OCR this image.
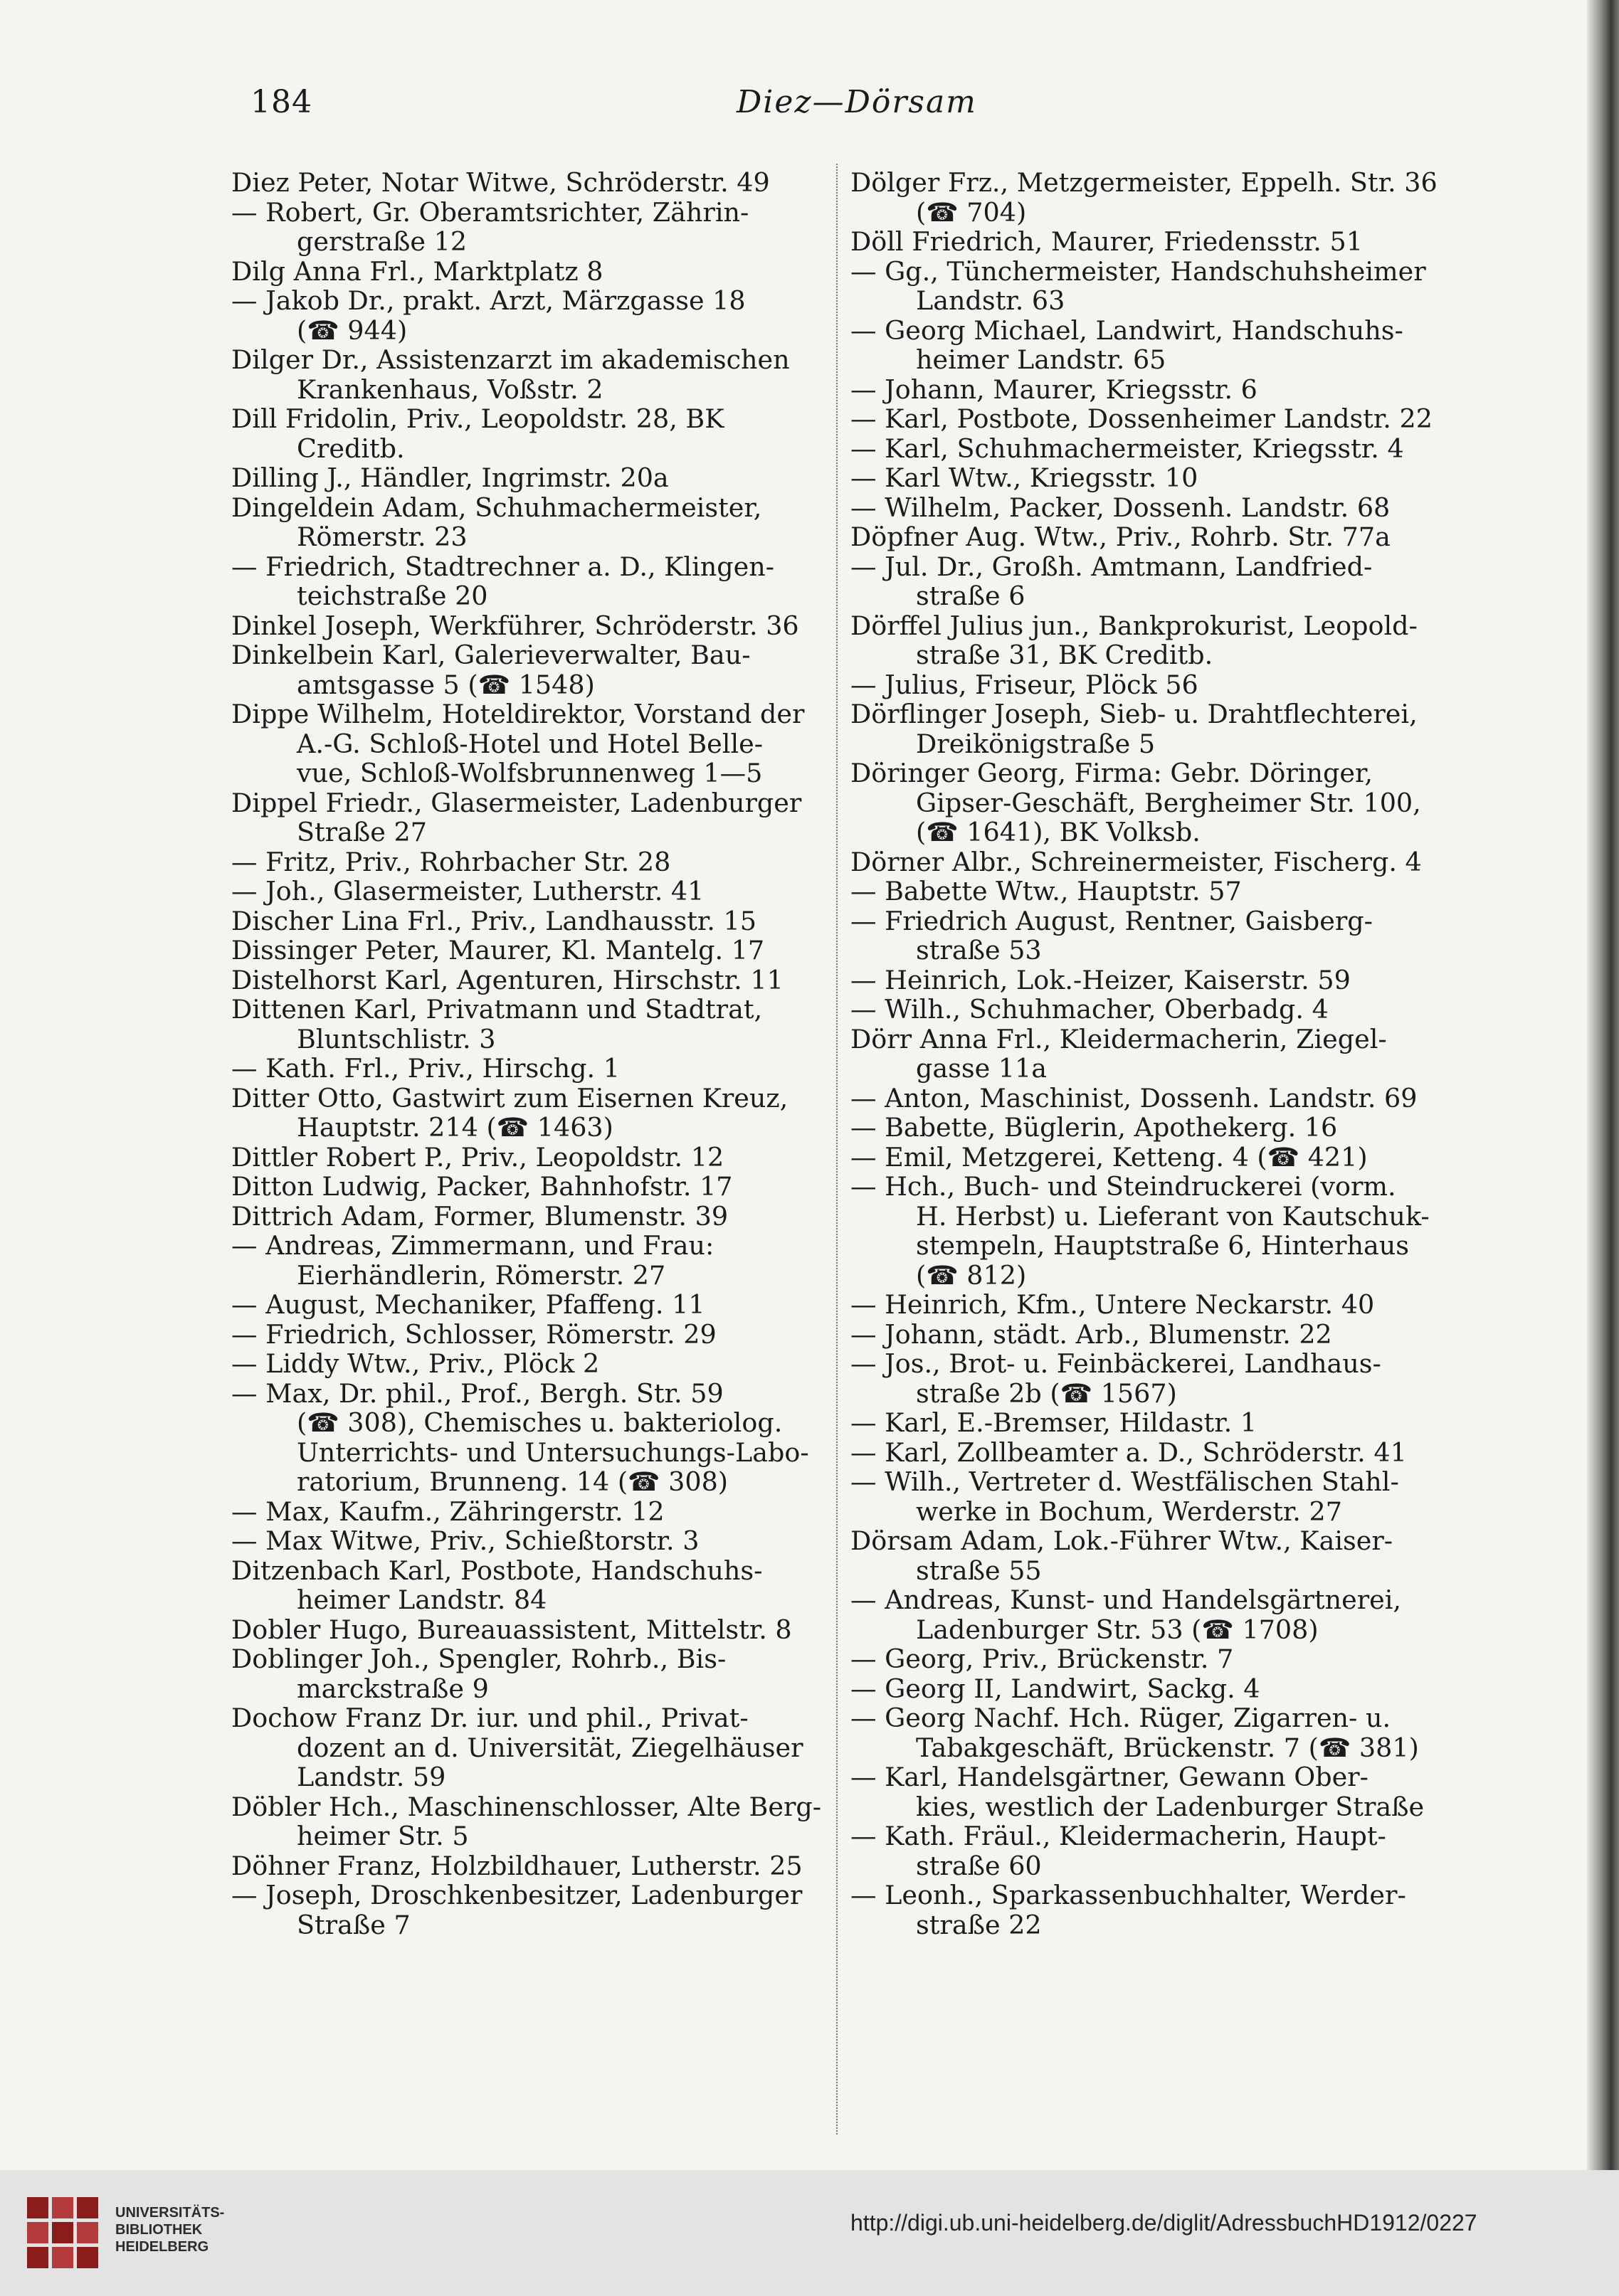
184	Diez—Dörsam
Diez Peter, Notar Witwe, Schröderstr. 49
— Robert, Gr. Oberamtsrichter, Zährin-
gerstraße 12
Dilg Anna Frl., Marktplatz 8
— Jakob Dr., prakt. Arzt, Märzgasse 18
(☎ 944)
Dilger Dr., Assistenzarzt im akademischen
Krankenhaus, Voßstr. 2
Dill Fridolin, Priv., Leopoldstr. 28, BK
Creditb.
Dilling J., Händler, Ingrimstr. 20a
Dingeldein Adam, Schuhmachermeister,
Römerstr. 23
— Friedrich, Stadtrechner a. D., Klingen-
teichstraße 20
Dinkel Joseph, Werkführer, Schröderstr. 36
Dinkelbein Karl, Galerieverwalter, Bau-
amtsgasse 5 (☎ 1548)
Dippe Wilhelm, Hoteldirektor, Vorstand der
A.-G. Schloß-Hotel und Hotel Belle-
vue, Schloß-Wolfsbrunnenweg 1—5
Dippel Friedr., Glasermeister, Ladenburger
Straße 27
— Fritz, Priv., Rohrbacher Str. 28
— Joh., Glasermeister, Lutherstr. 41
Discher Lina Frl., Priv., Landhausstr. 15
Dissinger Peter, Maurer, Kl. Mantelg. 17
Distelhorst Karl, Agenturen, Hirschstr. 11
Dittenen Karl, Privatmann und Stadtrat,
Bluntschlistr. 3
— Kath. Frl., Priv., Hirschg. 1
Ditter Otto, Gastwirt zum Eisernen Kreuz,
Hauptstr. 214 (☎ 1463)
Dittler Robert P., Priv., Leopoldstr. 12
Ditton Ludwig, Packer, Bahnhofstr. 17
Dittrich Adam, Former, Blumenstr. 39
— Andreas, Zimmermann, und Frau:
Eierhändlerin, Römerstr. 27
— August, Mechaniker, Pfaffeng. 11
— Friedrich, Schlosser, Römerstr. 29
— Liddy Wtw., Priv., Plöck 2
— Max, Dr. phil., Prof., Bergh. Str. 59
(☎ 308), Chemisches u. bakteriolog.
Unterrichts- und Untersuchungs-Labo-
ratorium, Brunneng. 14 (☎ 308)
— Max, Kaufm., Zähringerstr. 12
— Max Witwe, Priv., Schießtorstr. 3
Ditzenbach Karl, Postbote, Handschuhs-
heimer Landstr. 84
Dobler Hugo, Bureauassistent, Mittelstr. 8
Doblinger Joh., Spengler, Rohrb., Bis-
marckstraße 9
Dochow Franz Dr. iur. und phil., Privat-
dozent an d. Universität, Ziegelhäuser
Landstr. 59
Döbler Hch., Maschinenschlosser, Alte Berg-
heimer Str. 5
Döhner Franz, Holzbildhauer, Lutherstr. 25
— Joseph, Droschkenbesitzer, Ladenburger
Straße 7
Dölger Frz., Metzgermeister, Eppelh. Str. 36
(☎ 704)
Döll Friedrich, Maurer, Friedensstr. 51
— Gg., Tünchermeister, Handschuhsheimer
Landstr. 63
— Georg Michael, Landwirt, Handschuhs-
heimer Landstr. 65
— Johann, Maurer, Kriegsstr. 6
— Karl, Postbote, Dossenheimer Landstr. 22
— Karl, Schuhmachermeister, Kriegsstr. 4
— Karl Wtw., Kriegsstr. 10
— Wilhelm, Packer, Dossenh. Landstr. 68
Döpfner Aug. Wtw., Priv., Rohrb. Str. 77a
— Jul. Dr., Großh. Amtmann, Landfried-
straße 6
Dörffel Julius jun., Bankprokurist, Leopold-
straße 31, BK Creditb.
— Julius, Friseur, Plöck 56
Dörflinger Joseph, Sieb- u. Drahtflechterei,
Dreikönigstraße 5
Döringer Georg, Firma: Gebr. Döringer,
Gipser-Geschäft, Bergheimer Str. 100,
(☎ 1641), BK Volksb.
Dörner Albr., Schreinermeister, Fischerg. 4
— Babette Wtw., Hauptstr. 57
— Friedrich August, Rentner, Gaisberg-
straße 53
— Heinrich, Lok.-Heizer, Kaiserstr. 59
— Wilh., Schuhmacher, Oberbadg. 4
Dörr Anna Frl., Kleidermacherin, Ziegel-
gasse 11a
— Anton, Maschinist, Dossenh. Landstr. 69
— Babette, Büglerin, Apothekerg. 16
— Emil, Metzgerei, Ketteng. 4 (☎ 421)
— Hch., Buch- und Steindruckerei (vorm.
H. Herbst) u. Lieferant von Kautschuk-
stempeln, Hauptstraße 6, Hinterhaus
(☎ 812)
— Heinrich, Kfm., Untere Neckarstr. 40
— Johann, städt. Arb., Blumenstr. 22
— Jos., Brot- u. Feinbäckerei, Landhaus-
straße 2b (☎ 1567)
— Karl, E.-Bremser, Hildastr. 1
— Karl, Zollbeamter a. D., Schröderstr. 41
— Wilh., Vertreter d. Westfälischen Stahl-
werke in Bochum, Werderstr. 27
Dörsam Adam, Lok.-Führer Wtw., Kaiser-
straße 55
— Andreas, Kunst- und Handelsgärtnerei,
Ladenburger Str. 53 (☎ 1708)
— Georg, Priv., Brückenstr. 7
— Georg II, Landwirt, Sackg. 4
— Georg Nachf. Hch. Rüger, Zigarren- u.
Tabakgeschäft, Brückenstr. 7 (☎ 381)
— Karl, Handelsgärtner, Gewann Ober-
kies, westlich der Ladenburger Straße
— Kath. Fräul., Kleidermacherin, Haupt-
straße 60
— Leonh., Sparkassenbuchhalter, Werder-
straße 22
UNIVERSITÄTS-
BIBLIOTHEK
HEIDELBERG
http://digi.ub.uni-heidelberg.de/diglit/AdressbuchHD1912/0227
